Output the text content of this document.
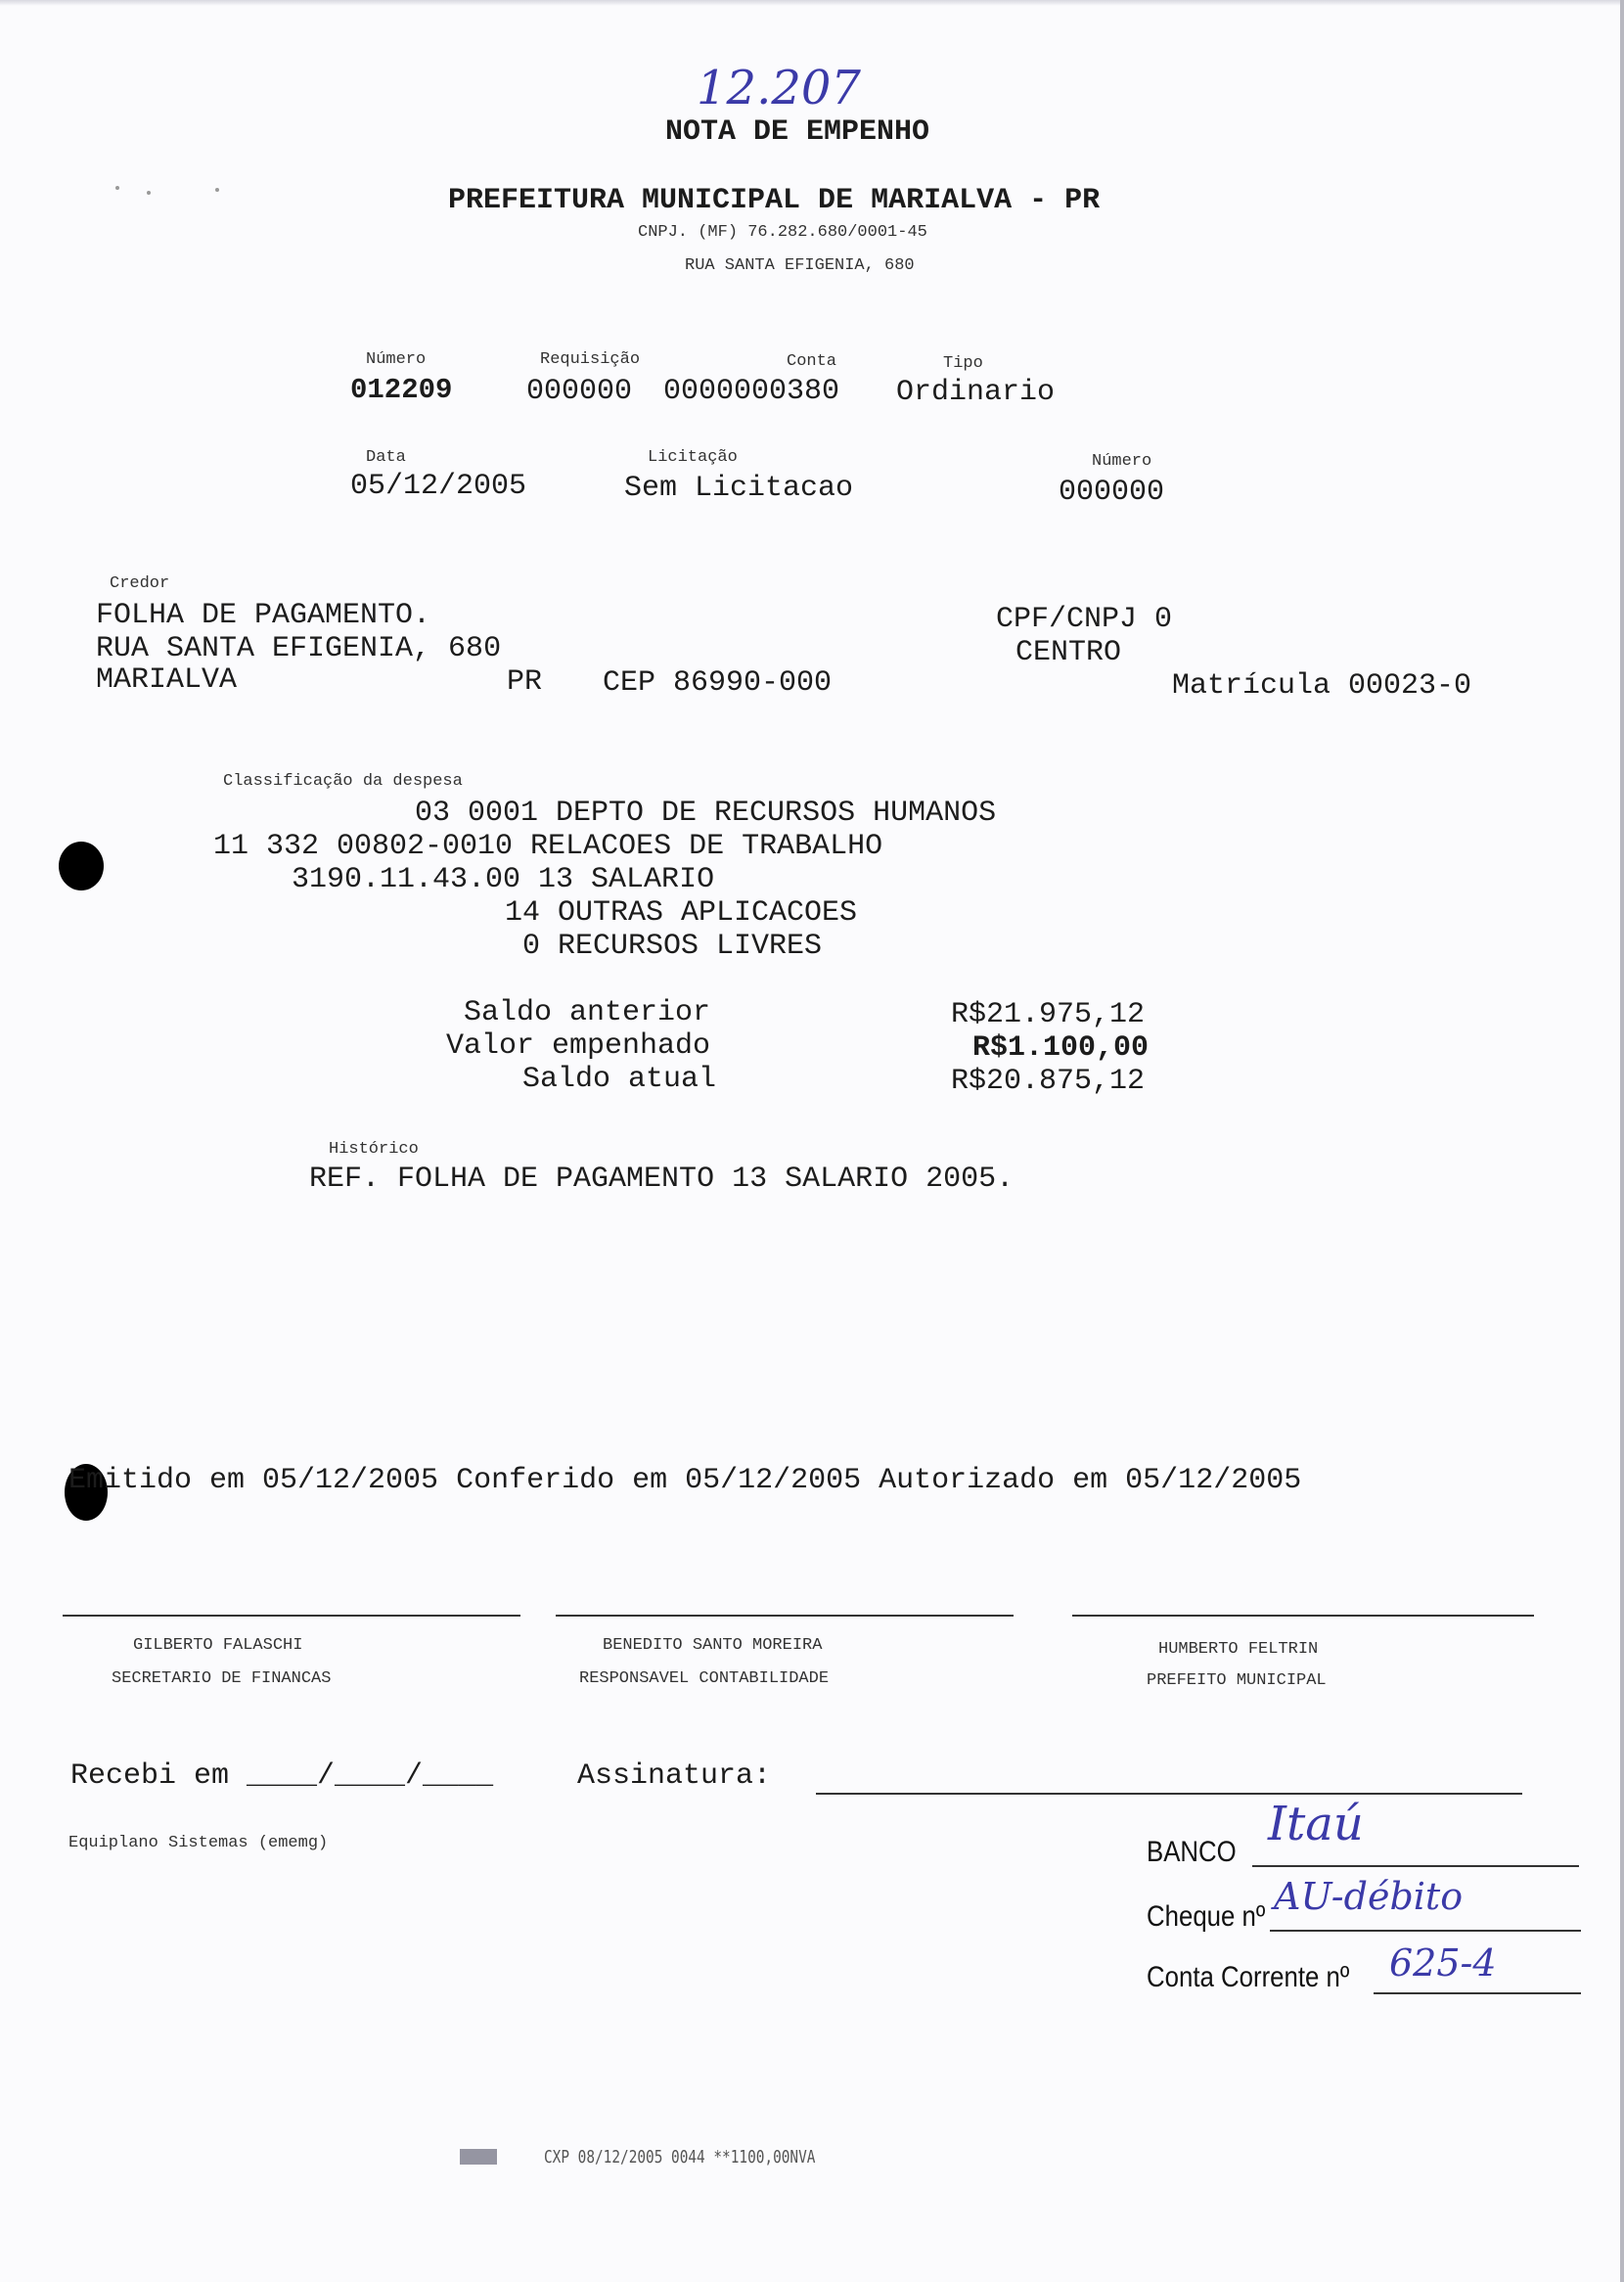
12.207
NOTA DE EMPENHO
PREFEITURA MUNICIPAL DE MARIALVA - PR
CNPJ. (MF) 76.282.680/0001-45
RUA SANTA EFIGENIA, 680
Número
012209
Requisição
000000
Conta
0000000380
Tipo
Ordinario
Data
05/12/2005
Licitação
Sem Licitacao
Número
000000
Credor
FOLHA DE PAGAMENTO.
RUA SANTA EFIGENIA, 680
MARIALVA	PR CEP 86990-000
CPF/CNPJ 0
CENTRO
Matrícula 00023-0
Classificação da despesa
03 0001 DEPTO DE RECURSOS HUMANOS
11 332 00802-0010 RELACOES DE TRABALHO
3190.11.43.00 13 SALARIO
14 OUTRAS APLICACOES
0 RECURSOS LIVRES
Saldo anterior	R$21.975,12
Valor empenhado	R$1.100,00
Saldo atual	R$20.875,12
Histórico
REF. FOLHA DE PAGAMENTO 13 SALARIO 2005.
Emitido em 05/12/2005 Conferido em 05/12/2005 Autorizado em 05/12/2005
GILBERTO FALASCHI
SECRETARIO DE FINANCAS
BENEDITO SANTO MOREIRA
RESPONSAVEL CONTABILIDADE
HUMBERTO FELTRIN
PREFEITO MUNICIPAL
Recebi em ____/____/____	Assinatura:
Equiplano Sistemas (ememg)	BANCO
Itaú
Cheque nº AU-débito
Conta Corrente nº 625-4
CXP 08/12/2005 0044 **1100,00NVA
